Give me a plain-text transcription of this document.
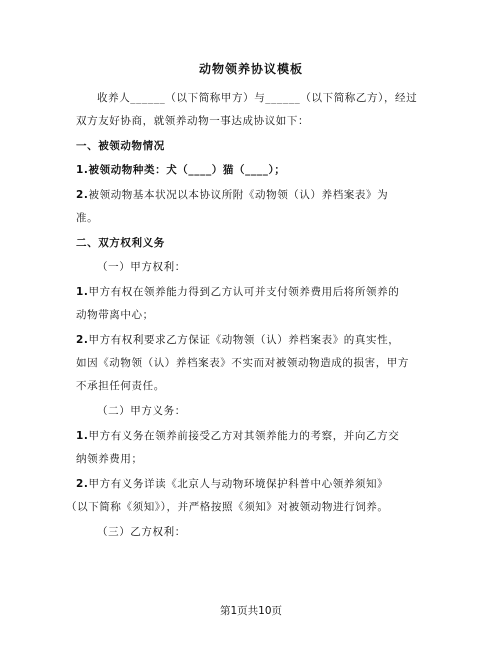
动物领养协议模板
收养人______（以下简称甲方）与______（以下简称乙方），经过
双方友好协商，就领养动物一事达成协议如下：
一、被领动物情况
1.被领动物种类：犬（____）猫（____）；
2.被领动物基本状况以本协议所附《动物领（认）养档案表》为
准。
二、双方权利义务
（一）甲方权利：
1.甲方有权在领养能力得到乙方认可并支付领养费用后将所领养的
动物带离中心；
2.甲方有权利要求乙方保证《动物领（认）养档案表》的真实性，
如因《动物领（认）养档案表》不实而对被领动物造成的损害，甲方
不承担任何责任。
（二）甲方义务：
1.甲方有义务在领养前接受乙方对其领养能力的考察，并向乙方交
纳领养费用；
2.甲方有义务详读《北京人与动物环境保护科普中心领养须知》
（以下简称《须知》），并严格按照《须知》对被领动物进行饲养。
（三）乙方权利：
第1页共10页
